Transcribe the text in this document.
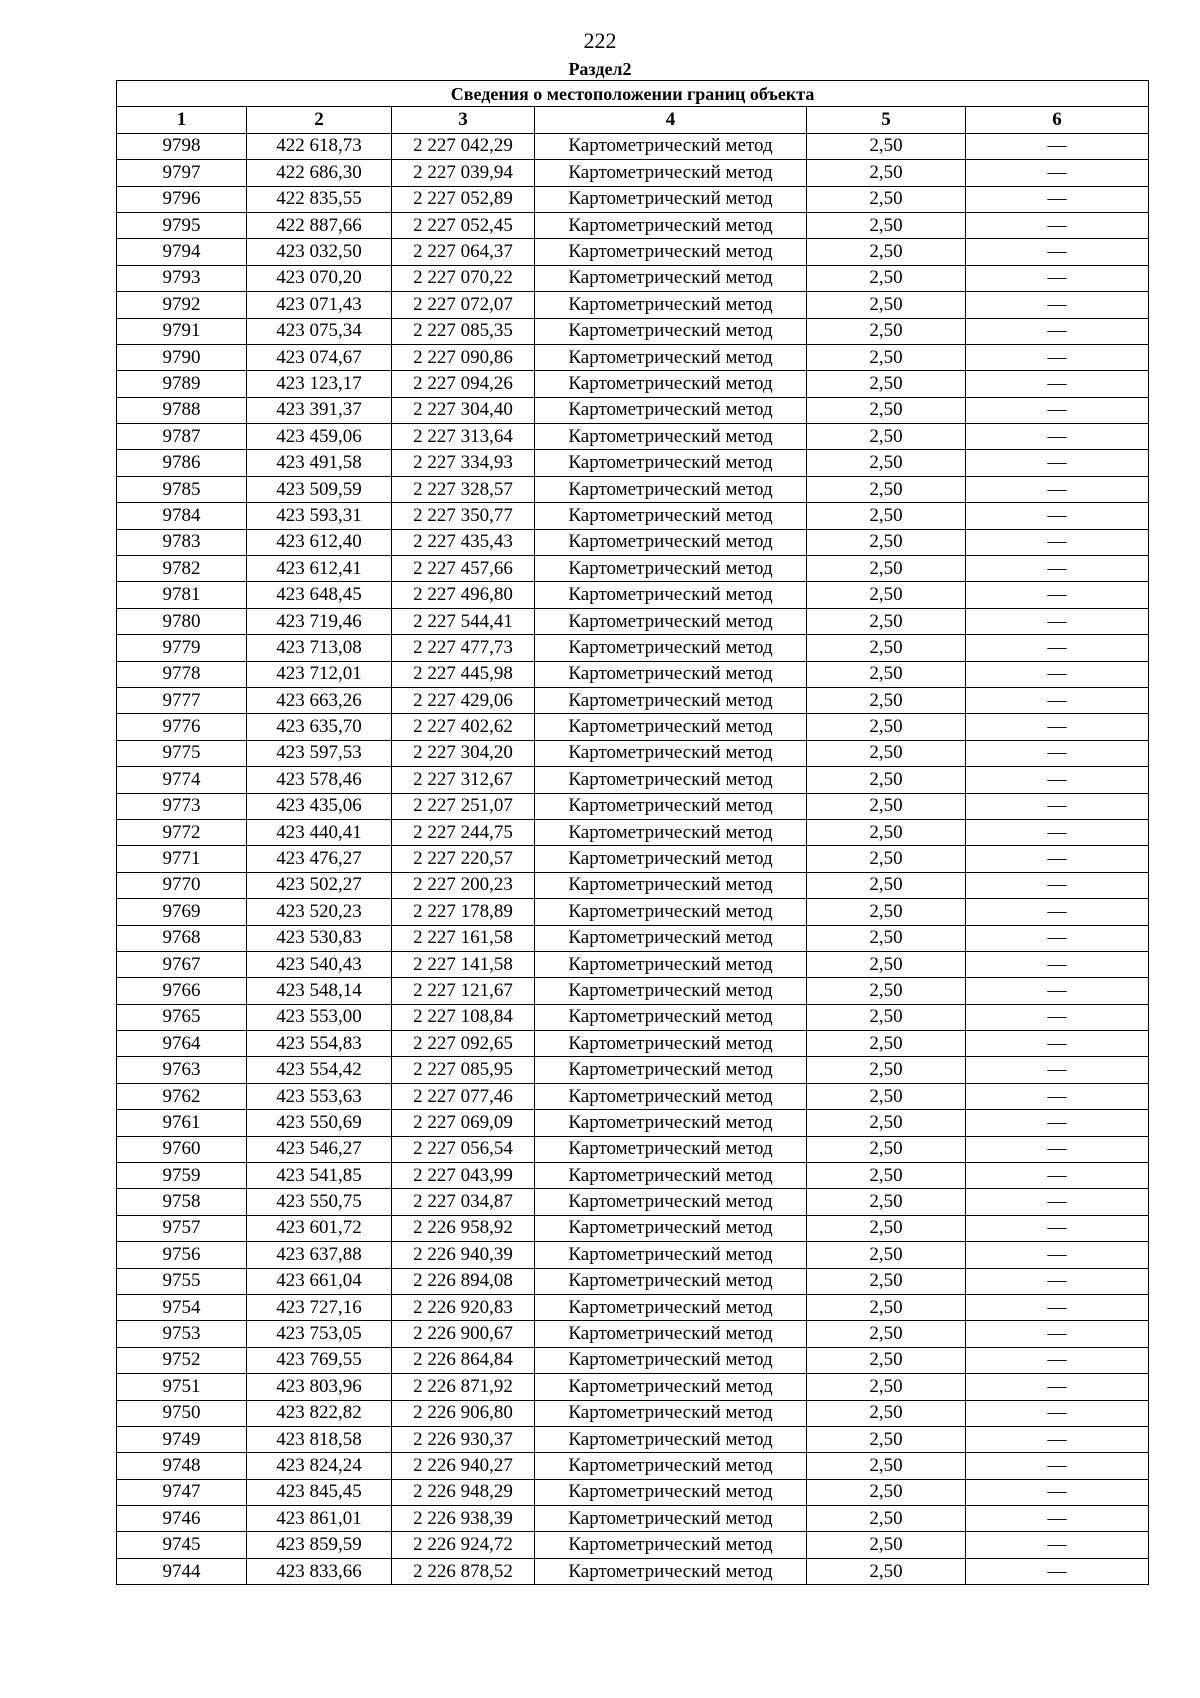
222
Раздел2
Сведения о местоположении границ объекта					
1	2	3	4	5	6
9798	422 618,73	2 227 042,29	Картометрический метод	2,50	—
9797	422 686,30	2 227 039,94	Картометрический метод	2,50	—
9796	422 835,55	2 227 052,89	Картометрический метод	2,50	—
9795	422 887,66	2 227 052,45	Картометрический метод	2,50	—
9794	423 032,50	2 227 064,37	Картометрический метод	2,50	—
9793	423 070,20	2 227 070,22	Картометрический метод	2,50	—
9792	423 071,43	2 227 072,07	Картометрический метод	2,50	—
9791	423 075,34	2 227 085,35	Картометрический метод	2,50	—
9790	423 074,67	2 227 090,86	Картометрический метод	2,50	—
9789	423 123,17	2 227 094,26	Картометрический метод	2,50	—
9788	423 391,37	2 227 304,40	Картометрический метод	2,50	—
9787	423 459,06	2 227 313,64	Картометрический метод	2,50	—
9786	423 491,58	2 227 334,93	Картометрический метод	2,50	—
9785	423 509,59	2 227 328,57	Картометрический метод	2,50	—
9784	423 593,31	2 227 350,77	Картометрический метод	2,50	—
9783	423 612,40	2 227 435,43	Картометрический метод	2,50	—
9782	423 612,41	2 227 457,66	Картометрический метод	2,50	—
9781	423 648,45	2 227 496,80	Картометрический метод	2,50	—
9780	423 719,46	2 227 544,41	Картометрический метод	2,50	—
9779	423 713,08	2 227 477,73	Картометрический метод	2,50	—
9778	423 712,01	2 227 445,98	Картометрический метод	2,50	—
9777	423 663,26	2 227 429,06	Картометрический метод	2,50	—
9776	423 635,70	2 227 402,62	Картометрический метод	2,50	—
9775	423 597,53	2 227 304,20	Картометрический метод	2,50	—
9774	423 578,46	2 227 312,67	Картометрический метод	2,50	—
9773	423 435,06	2 227 251,07	Картометрический метод	2,50	—
9772	423 440,41	2 227 244,75	Картометрический метод	2,50	—
9771	423 476,27	2 227 220,57	Картометрический метод	2,50	—
9770	423 502,27	2 227 200,23	Картометрический метод	2,50	—
9769	423 520,23	2 227 178,89	Картометрический метод	2,50	—
9768	423 530,83	2 227 161,58	Картометрический метод	2,50	—
9767	423 540,43	2 227 141,58	Картометрический метод	2,50	—
9766	423 548,14	2 227 121,67	Картометрический метод	2,50	—
9765	423 553,00	2 227 108,84	Картометрический метод	2,50	—
9764	423 554,83	2 227 092,65	Картометрический метод	2,50	—
9763	423 554,42	2 227 085,95	Картометрический метод	2,50	—
9762	423 553,63	2 227 077,46	Картометрический метод	2,50	—
9761	423 550,69	2 227 069,09	Картометрический метод	2,50	—
9760	423 546,27	2 227 056,54	Картометрический метод	2,50	—
9759	423 541,85	2 227 043,99	Картометрический метод	2,50	—
9758	423 550,75	2 227 034,87	Картометрический метод	2,50	—
9757	423 601,72	2 226 958,92	Картометрический метод	2,50	—
9756	423 637,88	2 226 940,39	Картометрический метод	2,50	—
9755	423 661,04	2 226 894,08	Картометрический метод	2,50	—
9754	423 727,16	2 226 920,83	Картометрический метод	2,50	—
9753	423 753,05	2 226 900,67	Картометрический метод	2,50	—
9752	423 769,55	2 226 864,84	Картометрический метод	2,50	—
9751	423 803,96	2 226 871,92	Картометрический метод	2,50	—
9750	423 822,82	2 226 906,80	Картометрический метод	2,50	—
9749	423 818,58	2 226 930,37	Картометрический метод	2,50	—
9748	423 824,24	2 226 940,27	Картометрический метод	2,50	—
9747	423 845,45	2 226 948,29	Картометрический метод	2,50	—
9746	423 861,01	2 226 938,39	Картометрический метод	2,50	—
9745	423 859,59	2 226 924,72	Картометрический метод	2,50	—
9744	423 833,66	2 226 878,52	Картометрический метод	2,50	—
